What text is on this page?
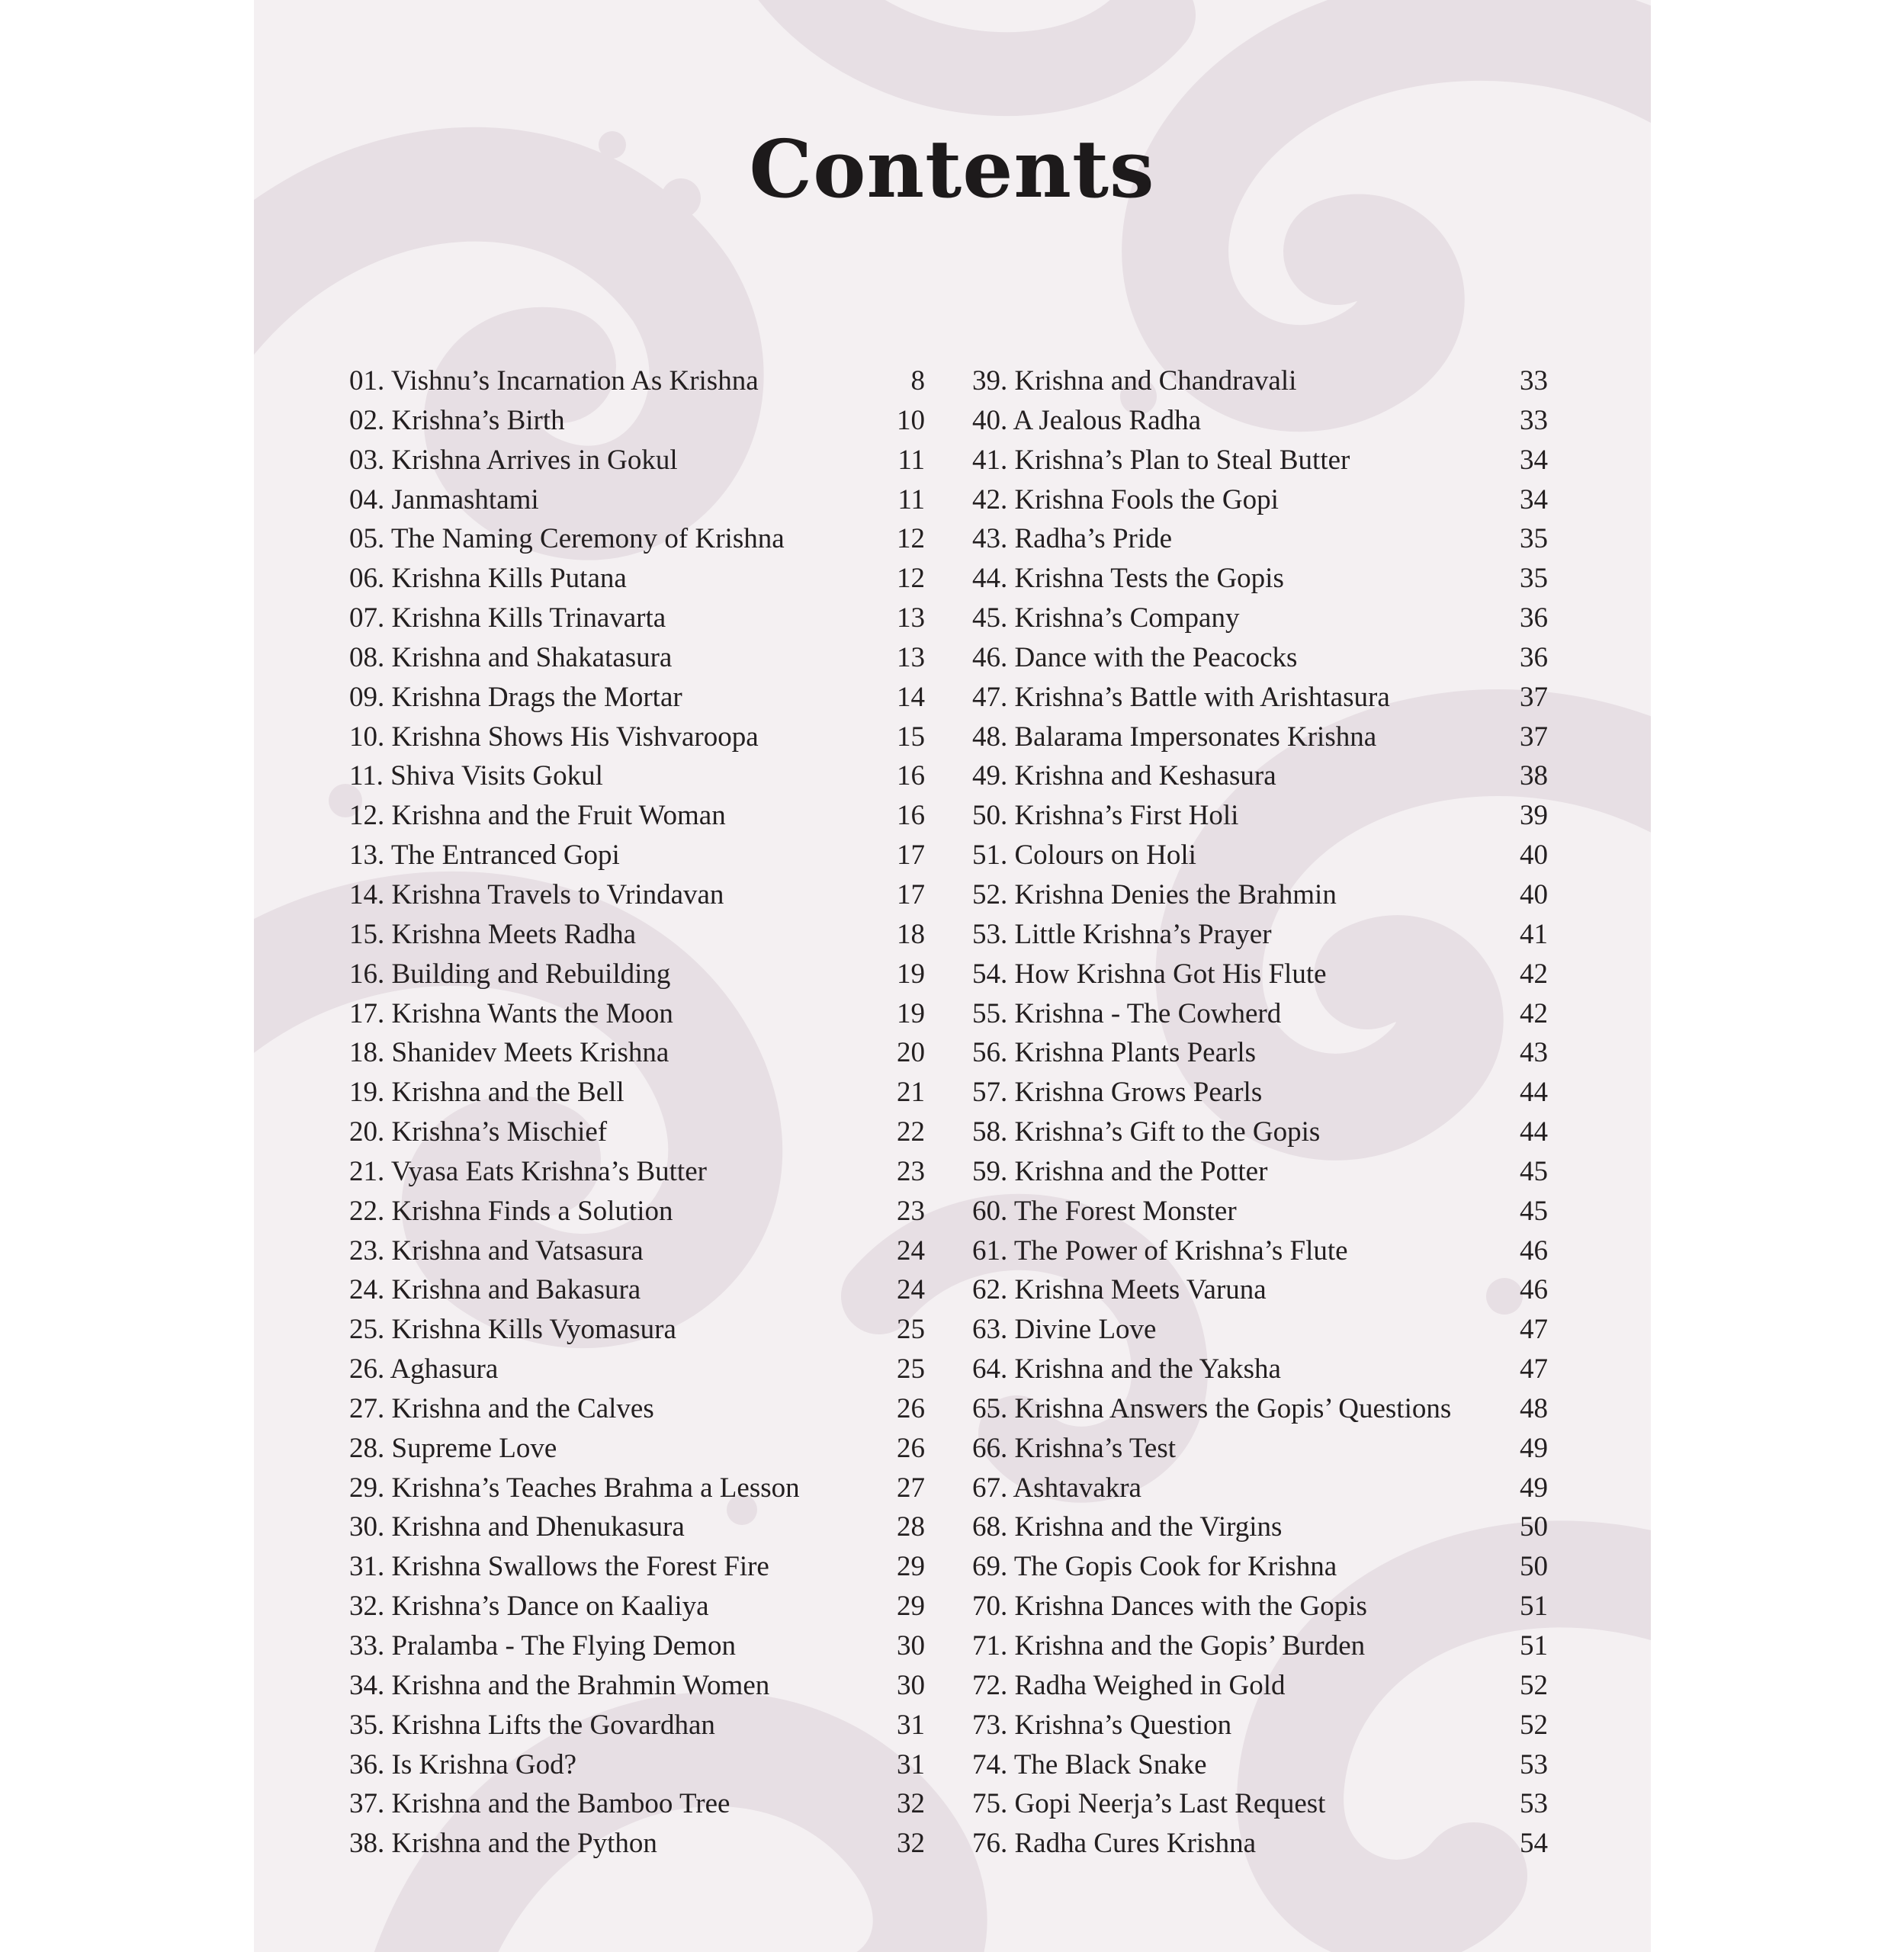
Contents
01. Vishnu’s Incarnation As Krishna	8
02. Krishna’s Birth	10
03. Krishna Arrives in Gokul	11
04. Janmashtami	11
05. The Naming Ceremony of Krishna	12
06. Krishna Kills Putana	12
07. Krishna Kills Trinavarta	13
08. Krishna and Shakatasura	13
09. Krishna Drags the Mortar	14
10. Krishna Shows His Vishvaroopa	15
11. Shiva Visits Gokul	16
12. Krishna and the Fruit Woman	16
13. The Entranced Gopi	17
14. Krishna Travels to Vrindavan	17
15. Krishna Meets Radha	18
16. Building and Rebuilding	19
17. Krishna Wants the Moon	19
18. Shanidev Meets Krishna	20
19. Krishna and the Bell	21
20. Krishna’s Mischief	22
21. Vyasa Eats Krishna’s Butter	23
22. Krishna Finds a Solution	23
23. Krishna and Vatsasura	24
24. Krishna and Bakasura	24
25. Krishna Kills Vyomasura	25
26. Aghasura	25
27. Krishna and the Calves	26
28. Supreme Love	26
29. Krishna’s Teaches Brahma a Lesson	27
30. Krishna and Dhenukasura	28
31. Krishna Swallows the Forest Fire	29
32. Krishna’s Dance on Kaaliya	29
33. Pralamba - The Flying Demon	30
34. Krishna and the Brahmin Women	30
35. Krishna Lifts the Govardhan	31
36. Is Krishna God?	31
37. Krishna and the Bamboo Tree	32
38. Krishna and the Python	32
39. Krishna and Chandravali	33
40. A Jealous Radha	33
41. Krishna’s Plan to Steal Butter	34
42. Krishna Fools the Gopi	34
43. Radha’s Pride	35
44. Krishna Tests the Gopis	35
45. Krishna’s Company	36
46. Dance with the Peacocks	36
47. Krishna’s Battle with Arishtasura	37
48. Balarama Impersonates Krishna	37
49. Krishna and Keshasura	38
50. Krishna’s First Holi	39
51. Colours on Holi	40
52. Krishna Denies the Brahmin	40
53. Little Krishna’s Prayer	41
54. How Krishna Got His Flute	42
55. Krishna - The Cowherd	42
56. Krishna Plants Pearls	43
57. Krishna Grows Pearls	44
58. Krishna’s Gift to the Gopis	44
59. Krishna and the Potter	45
60. The Forest Monster	45
61. The Power of Krishna’s Flute	46
62. Krishna Meets Varuna	46
63. Divine Love	47
64. Krishna and the Yaksha	47
65. Krishna Answers the Gopis’ Questions 48
66. Krishna’s Test	49
67. Ashtavakra	49
68. Krishna and the Virgins	50
69. The Gopis Cook for Krishna	50
70. Krishna Dances with the Gopis	51
71. Krishna and the Gopis’ Burden	51
72. Radha Weighed in Gold	52
73. Krishna’s Question	52
74. The Black Snake	53
75. Gopi Neerja’s Last Request	53
76. Radha Cures Krishna	54
